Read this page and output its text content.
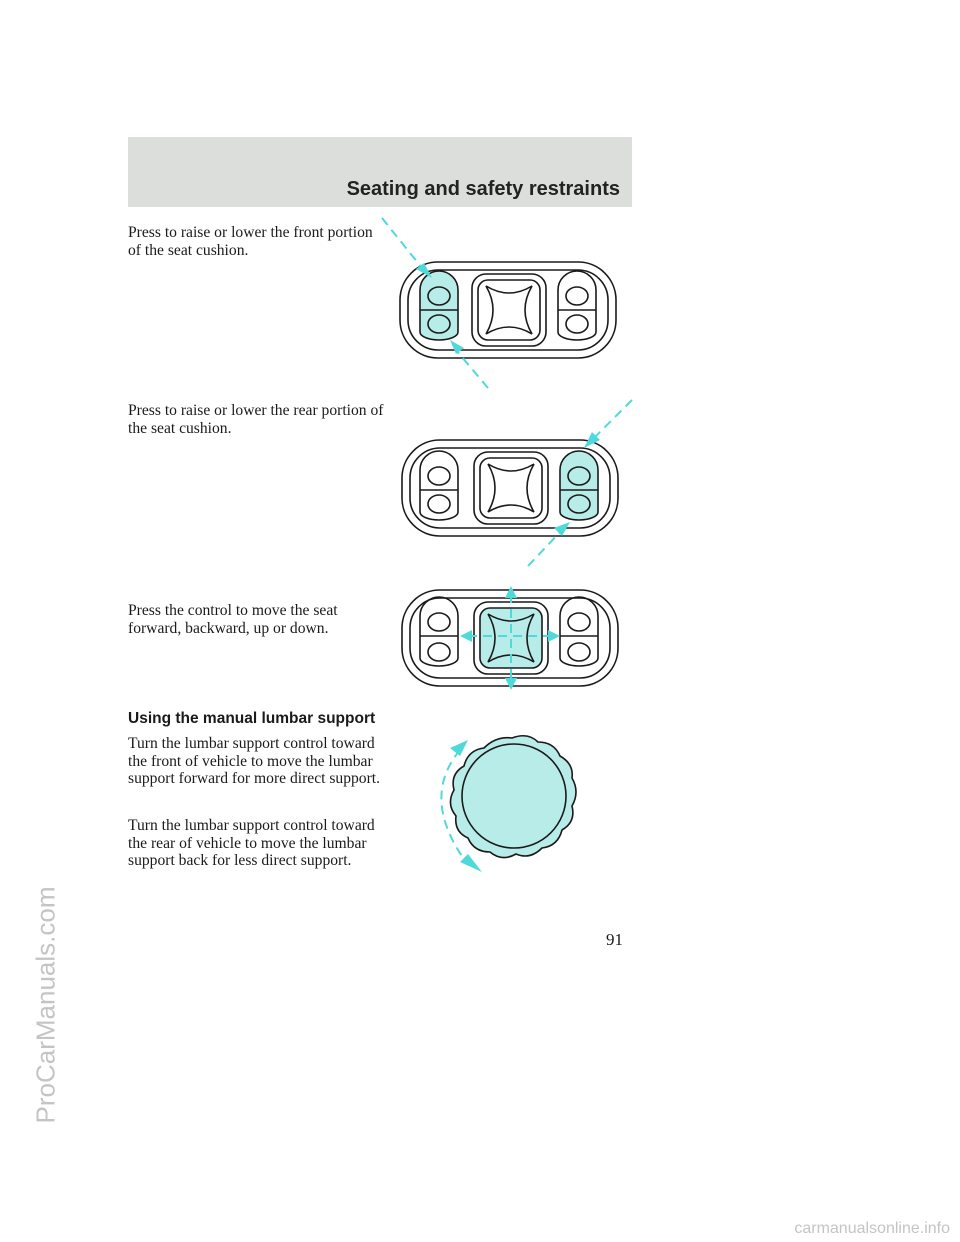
Seating and safety restraints

Press to raise or lower the front portion of the seat cushion.

Press to raise or lower the rear portion of the seat cushion.

Press the control to move the seat forward, backward, up or down.

Using the manual lumbar support

Turn the lumbar support control toward the front of vehicle to move the lumbar support forward for more direct support.

Turn the lumbar support control toward the rear of vehicle to move the lumbar support back for less direct support.

91
ProCarManuals.com
carmanualsonline.info
